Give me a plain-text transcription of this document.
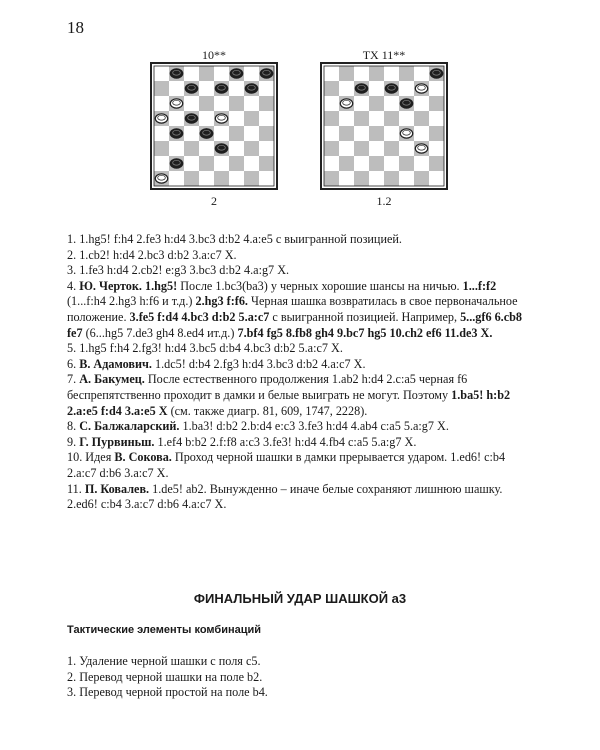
18
10**
2
ТХ 11**
1.2

1. 1.hg5! f:h4 2.fe3 h:d4 3.bc3 d:b2 4.a:e5 с выигранной позицией.

2. 1.cb2! h:d4 2.bc3 d:b2 3.a:c7 X.

3. 1.fe3 h:d4 2.cb2! e:g3 3.bc3 d:b2 4.a:g7 X.

4. Ю. Черток. 1.hg5! После 1.bc3(ba3) у черных хорошие шансы на ничью. 1...f:f2 (1...f:h4 2.hg3 h:f6 и т.д.) 2.hg3 f:f6. Черная шашка возвратилась в свое первоначальное положение. 3.fe5 f:d4 4.bc3 d:b2 5.a:c7 с выигранной позицией. Например, 5...gf6 6.cb8 fe7 (6...hg5 7.de3 gh4 8.ed4 ит.д.) 7.bf4 fg5 8.fb8 gh4 9.bc7 hg5 10.ch2 ef6 11.de3 X.

5. 1.hg5 f:h4 2.fg3! h:d4 3.bc5 d:b4 4.bc3 d:b2 5.a:c7 X.

6. В. Адамович. 1.dc5! d:b4 2.fg3 h:d4 3.bc3 d:b2 4.a:c7 X.

7. А. Бакумец. После естественного продолжения 1.ab2 h:d4 2.c:a5 черная f6 беспрепятственно проходит в дамки и белые выиграть не могут. Поэтому 1.ba5! h:b2 2.a:e5 f:d4 3.a:e5 X (см. также диагр. 81, 609, 1747, 2228).

8. С. Балжаларский. 1.ba3! d:b2 2.b:d4 e:c3 3.fe3 h:d4 4.ab4 c:a5 5.a:g7 X.

9. Г. Пурвиньш. 1.ef4 b:b2 2.f:f8 a:c3 3.fe3! h:d4 4.fb4 c:a5 5.a:g7 X.

10. Идея В. Сокова. Проход черной шашки в дамки прерывается ударом. 1.ed6! c:b4 2.a:c7 d:b6 3.a:c7 X.

11. П. Ковалев. 1.de5! ab2. Вынужденно – иначе белые сохраняют лишнюю шашку. 2.ed6! c:b4 3.a:c7 d:b6 4.a:c7 X.

ФИНАЛЬНЫЙ УДАР ШАШКОЙ а3
Тактические элементы комбинаций

1. Удаление черной шашки с поля с5.

2. Перевод черной шашки на поле b2.

3. Перевод черной простой на поле b4.
